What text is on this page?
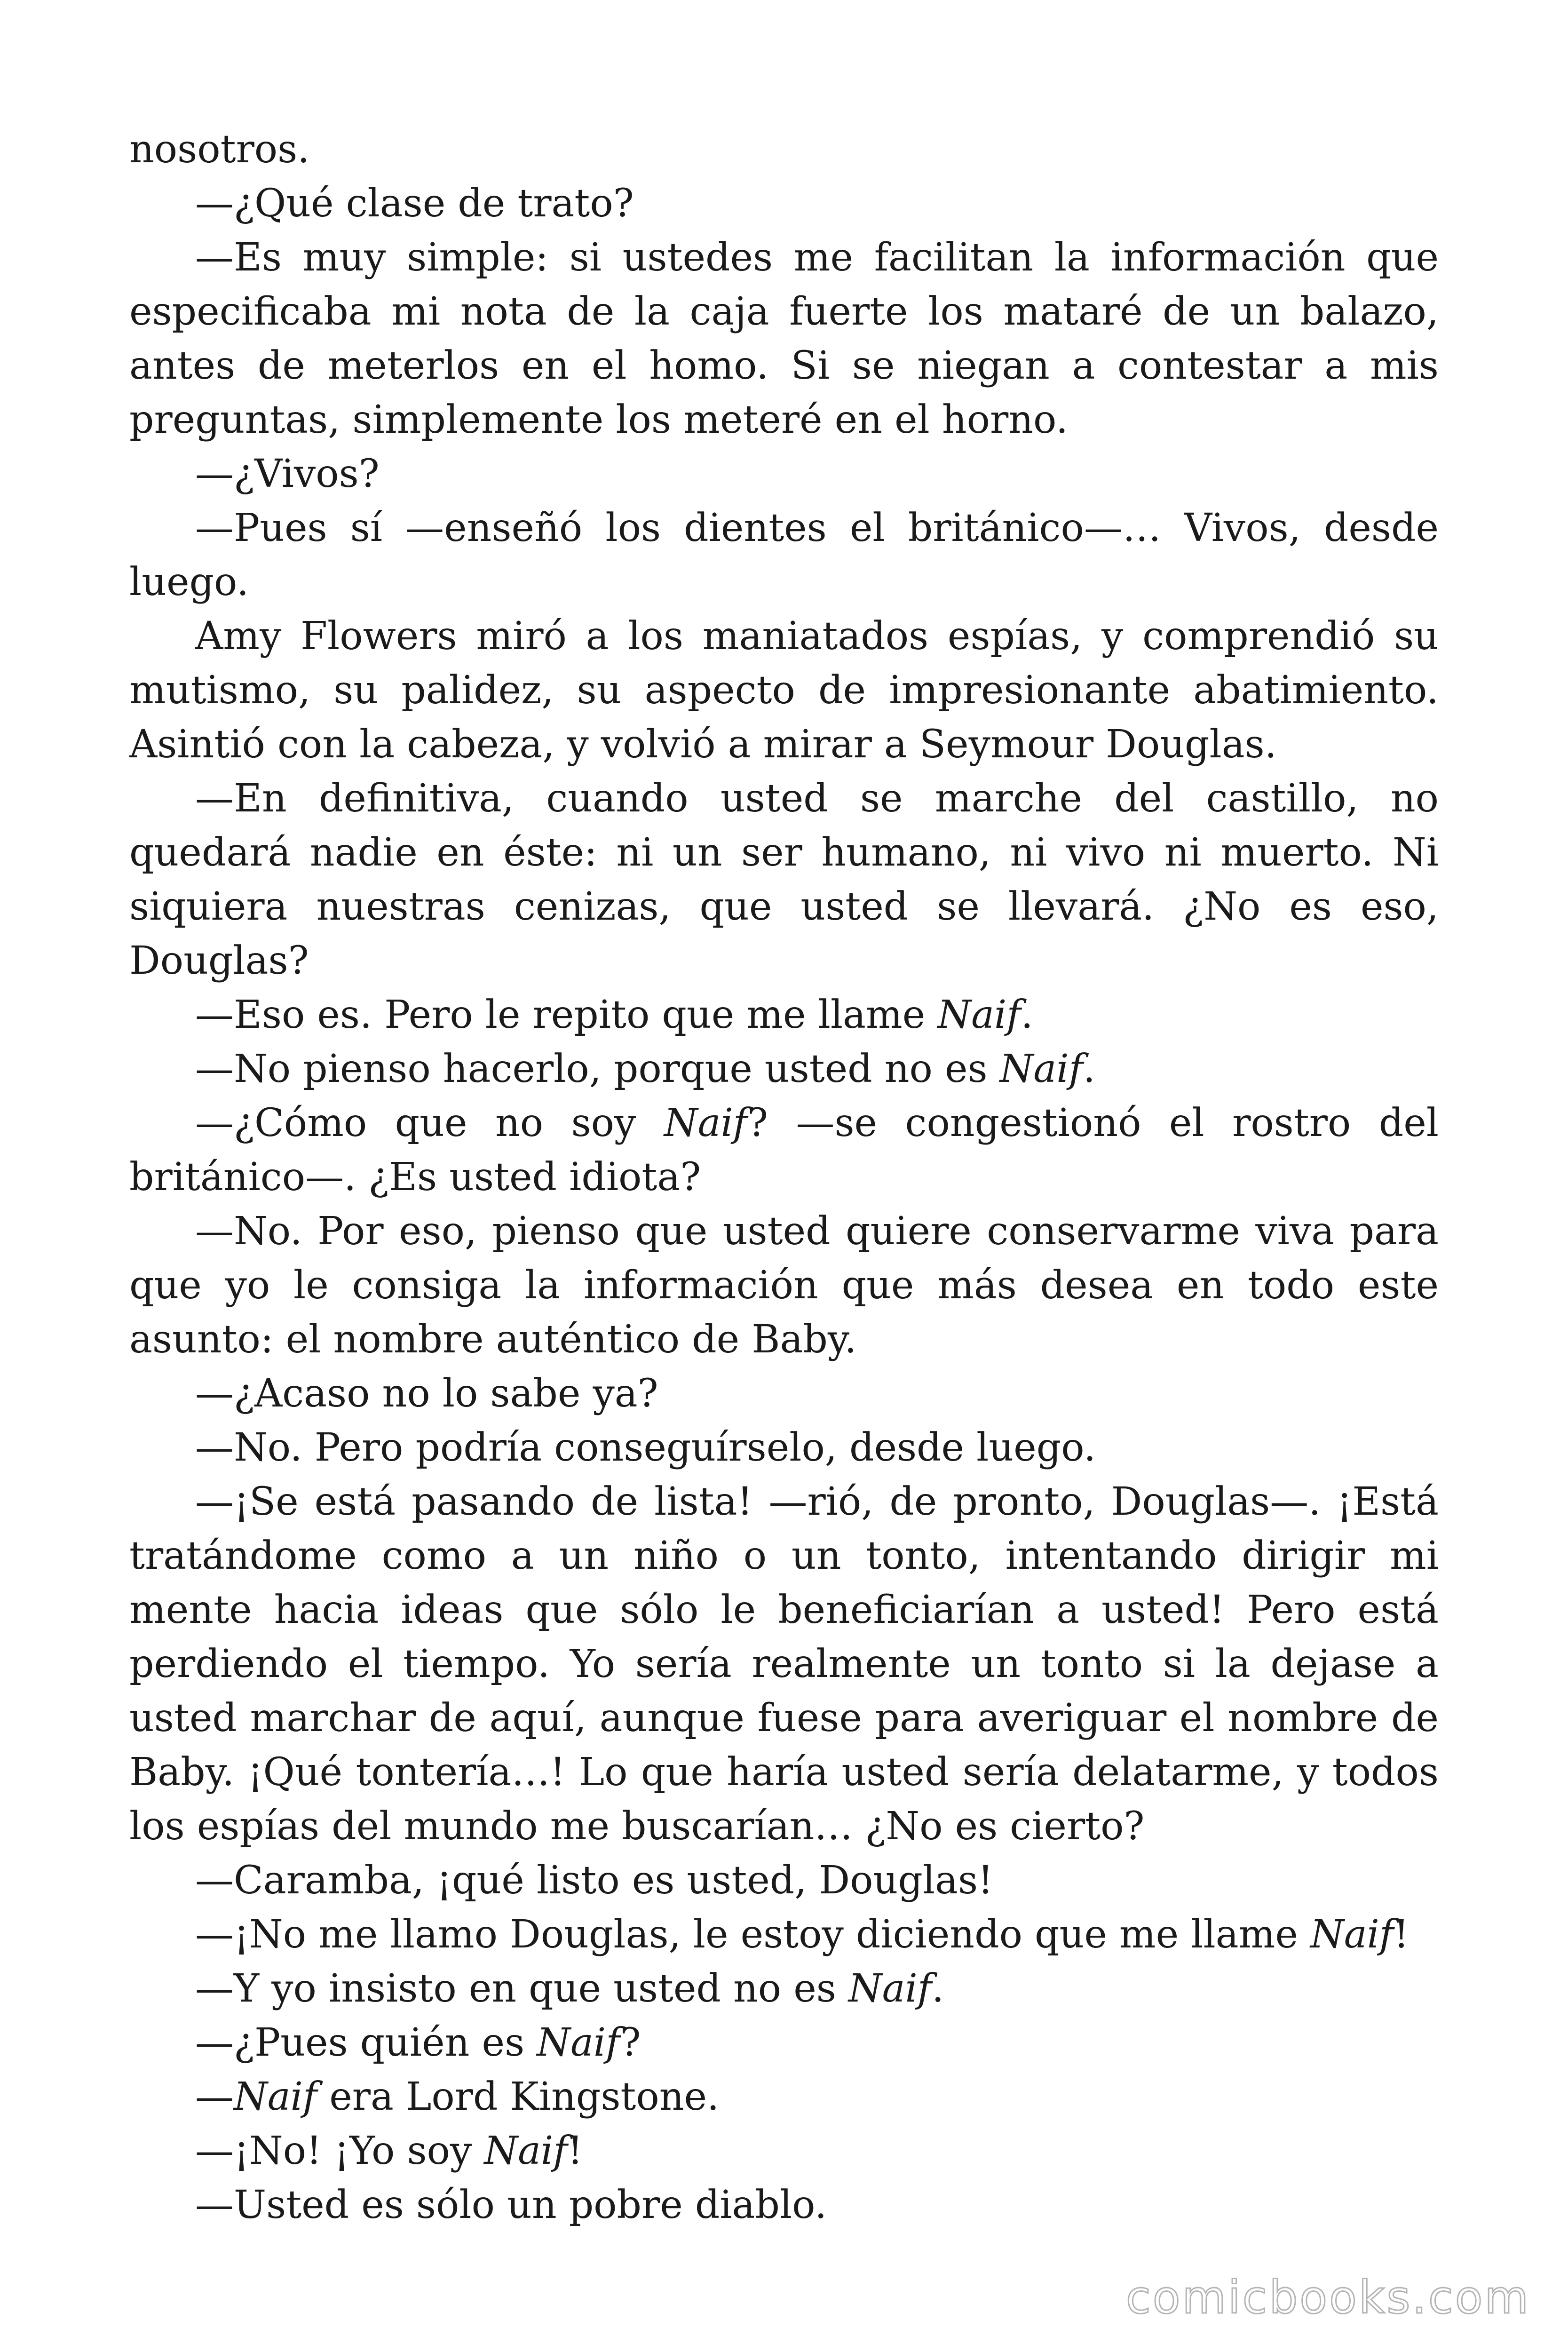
nosotros.

—¿Qué clase de trato?

—Es muy simple: si ustedes me facilitan la información que especificaba mi nota de la caja fuerte los mataré de un balazo, antes de meterlos en el homo. Si se niegan a contestar a mis preguntas, simplemente los meteré en el horno.

—¿Vivos?

—Pues sí —enseñó los dientes el británico—… Vivos, desde luego.

Amy Flowers miró a los maniatados espías, y comprendió su mutismo, su palidez, su aspecto de impresionante abatimiento. Asintió con la cabeza, y volvió a mirar a Seymour Douglas.

—En definitiva, cuando usted se marche del castillo, no quedará nadie en éste: ni un ser humano, ni vivo ni muerto. Ni siquiera nuestras cenizas, que usted se llevará. ¿No es eso, Douglas?

—Eso es. Pero le repito que me llame Naif.

—No pienso hacerlo, porque usted no es Naif.

—¿Cómo que no soy Naif? —se congestionó el rostro del británico—. ¿Es usted idiota?

—No. Por eso, pienso que usted quiere conservarme viva para que yo le consiga la información que más desea en todo este asunto: el nombre auténtico de Baby.

—¿Acaso no lo sabe ya?

—No. Pero podría conseguírselo, desde luego.

—¡Se está pasando de lista! —rió, de pronto, Douglas—. ¡Está tratándome como a un niño o un tonto, intentando dirigir mi mente hacia ideas que sólo le beneficiarían a usted! Pero está perdiendo el tiempo. Yo sería realmente un tonto si la dejase a usted marchar de aquí, aunque fuese para averiguar el nombre de Baby. ¡Qué tontería…! Lo que haría usted sería delatarme, y todos los espías del mundo me buscarían… ¿No es cierto?

—Caramba, ¡qué listo es usted, Douglas!

—¡No me llamo Douglas, le estoy diciendo que me llame Naif!

—Y yo insisto en que usted no es Naif.

—¿Pues quién es Naif?

—Naif era Lord Kingstone.

—¡No! ¡Yo soy Naif!

—Usted es sólo un pobre diablo.

comicbooks.com
